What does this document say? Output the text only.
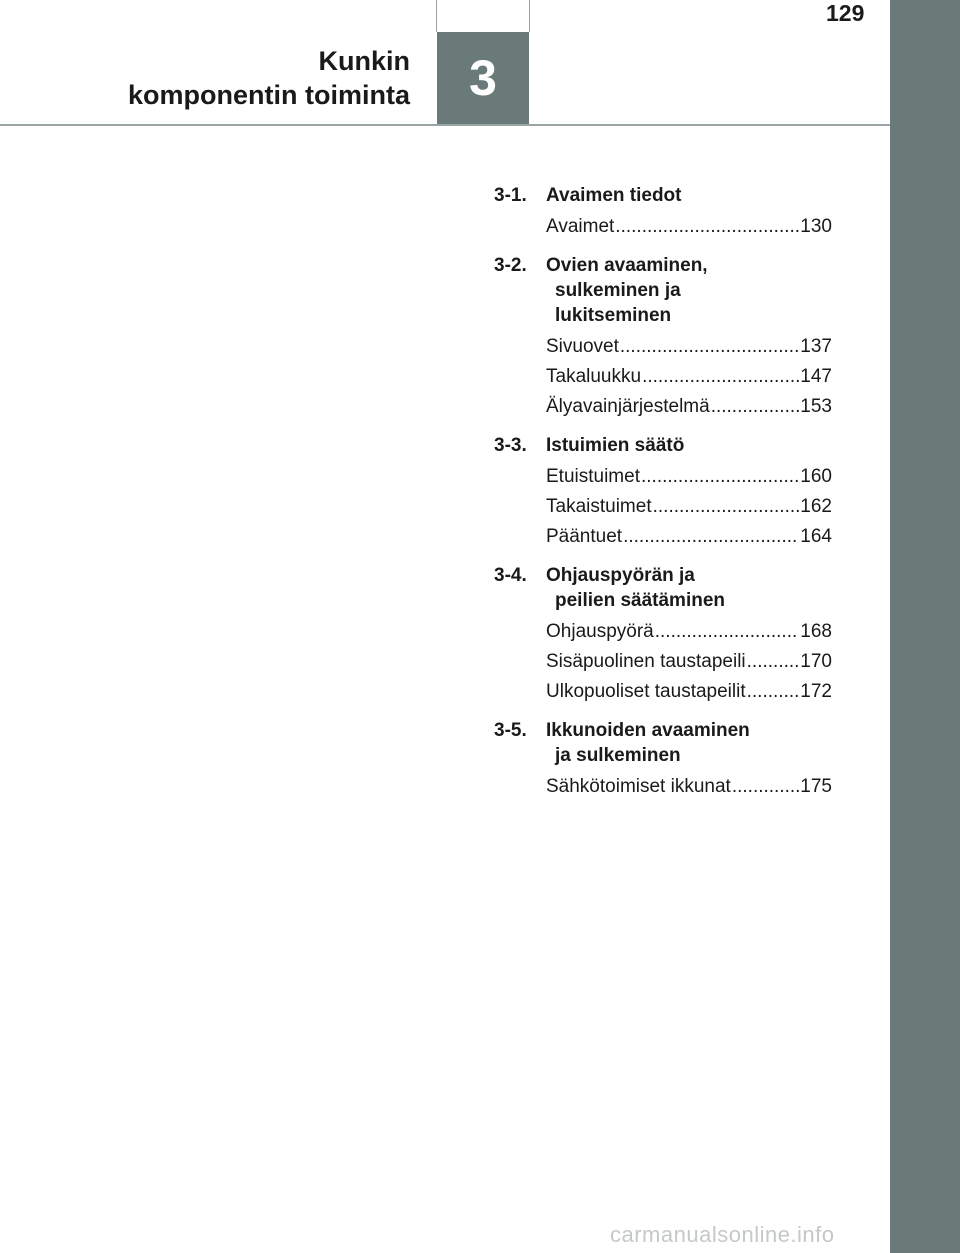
Kunkin
komponentin toiminta 3
129
3-1.	Avaimen tiedot
Avaimet .....	130
3-2.	Ovien avaaminen,
sulkeminen ja
lukitseminen
Sivuovet .....	137
Takaluukku .....	147
Älyavainjärjestelmä .....	153
3-3.	Istuimien säätö
Etuistuimet .....	160
Takaistuimet .....	162
Pääntuet .....	164
3-4.	Ohjauspyörän ja
peilien säätäminen
Ohjauspyörä .....	168
Sisäpuolinen taustapeili .....	170
Ulkopuoliset taustapeilit .....	172
3-5.	Ikkunoiden avaaminen
ja sulkeminen
Sähkötoimiset ikkunat .....	175
carmanualsonline.info
